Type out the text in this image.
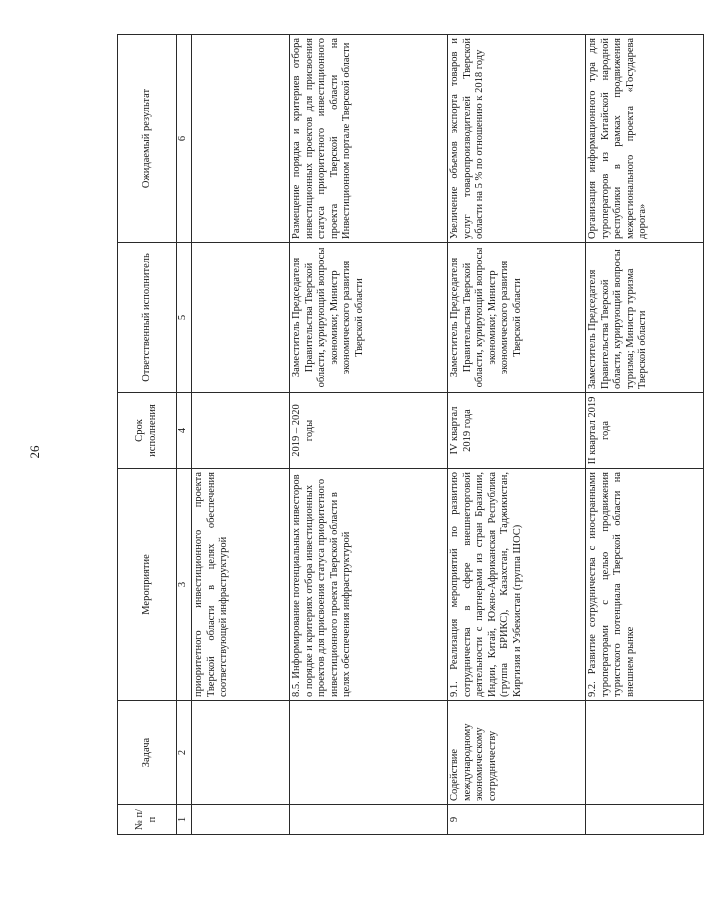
26
№ п/п	Задача	Мероприятие	Срок исполнения	Ответственный исполнитель	Ожидаемый результат
1	2	3	4	5	6
		приоритетного инвестиционного проекта Тверской области в целях обеспечения соответствующей инфраструктурой			
		8.5. Информирование потенциальных инвесторов о порядке и критериях отбора инвестиционных проектов для присвоения статуса приоритетного инвестиционного проекта Тверской области в целях обеспечения инфраструктурой	2019 – 2020 годы	Заместитель Председателя Правительства Тверской области, курирующий вопросы экономики; Министр экономического развития Тверской области	Размещение порядка и критериев отбора инвестиционных проектов для присвоения статуса приоритетного инвестиционного проекта Тверской области на Инвестиционном портале Тверской области
9	Содействие международному экономическому сотрудничеству	9.1. Реализация мероприятий по развитию сотрудничества в сфере внешнеторговой деятельности с партнерами из стран Бразилии, Индии, Китай, Южно-Африканская Республика (группа БРИКС), Казахстан, Таджикистан, Киргизия и Узбекистан (группа ШОС)	IV квартал 2019 года	Заместитель Председателя Правительства Тверской области, курирующий вопросы экономики; Министр экономического развития Тверской области	Увеличение объемов экспорта товаров и услуг товаропроизводителей Тверской области на 5 % по отношению к 2018 году
		9.2. Развитие сотрудничества с иностранными туроператорами с целью продвижения туристского потенциала Тверской области на внешнем рынке	II квартал 2019 года	Заместитель Председателя Правительства Тверской области, курирующий вопросы туризма; Министр туризма Тверской области	Организация информационного тура для туроператоров из Китайской народной республики в рамках продвижения межрегионального проекта «Государева дорога»
